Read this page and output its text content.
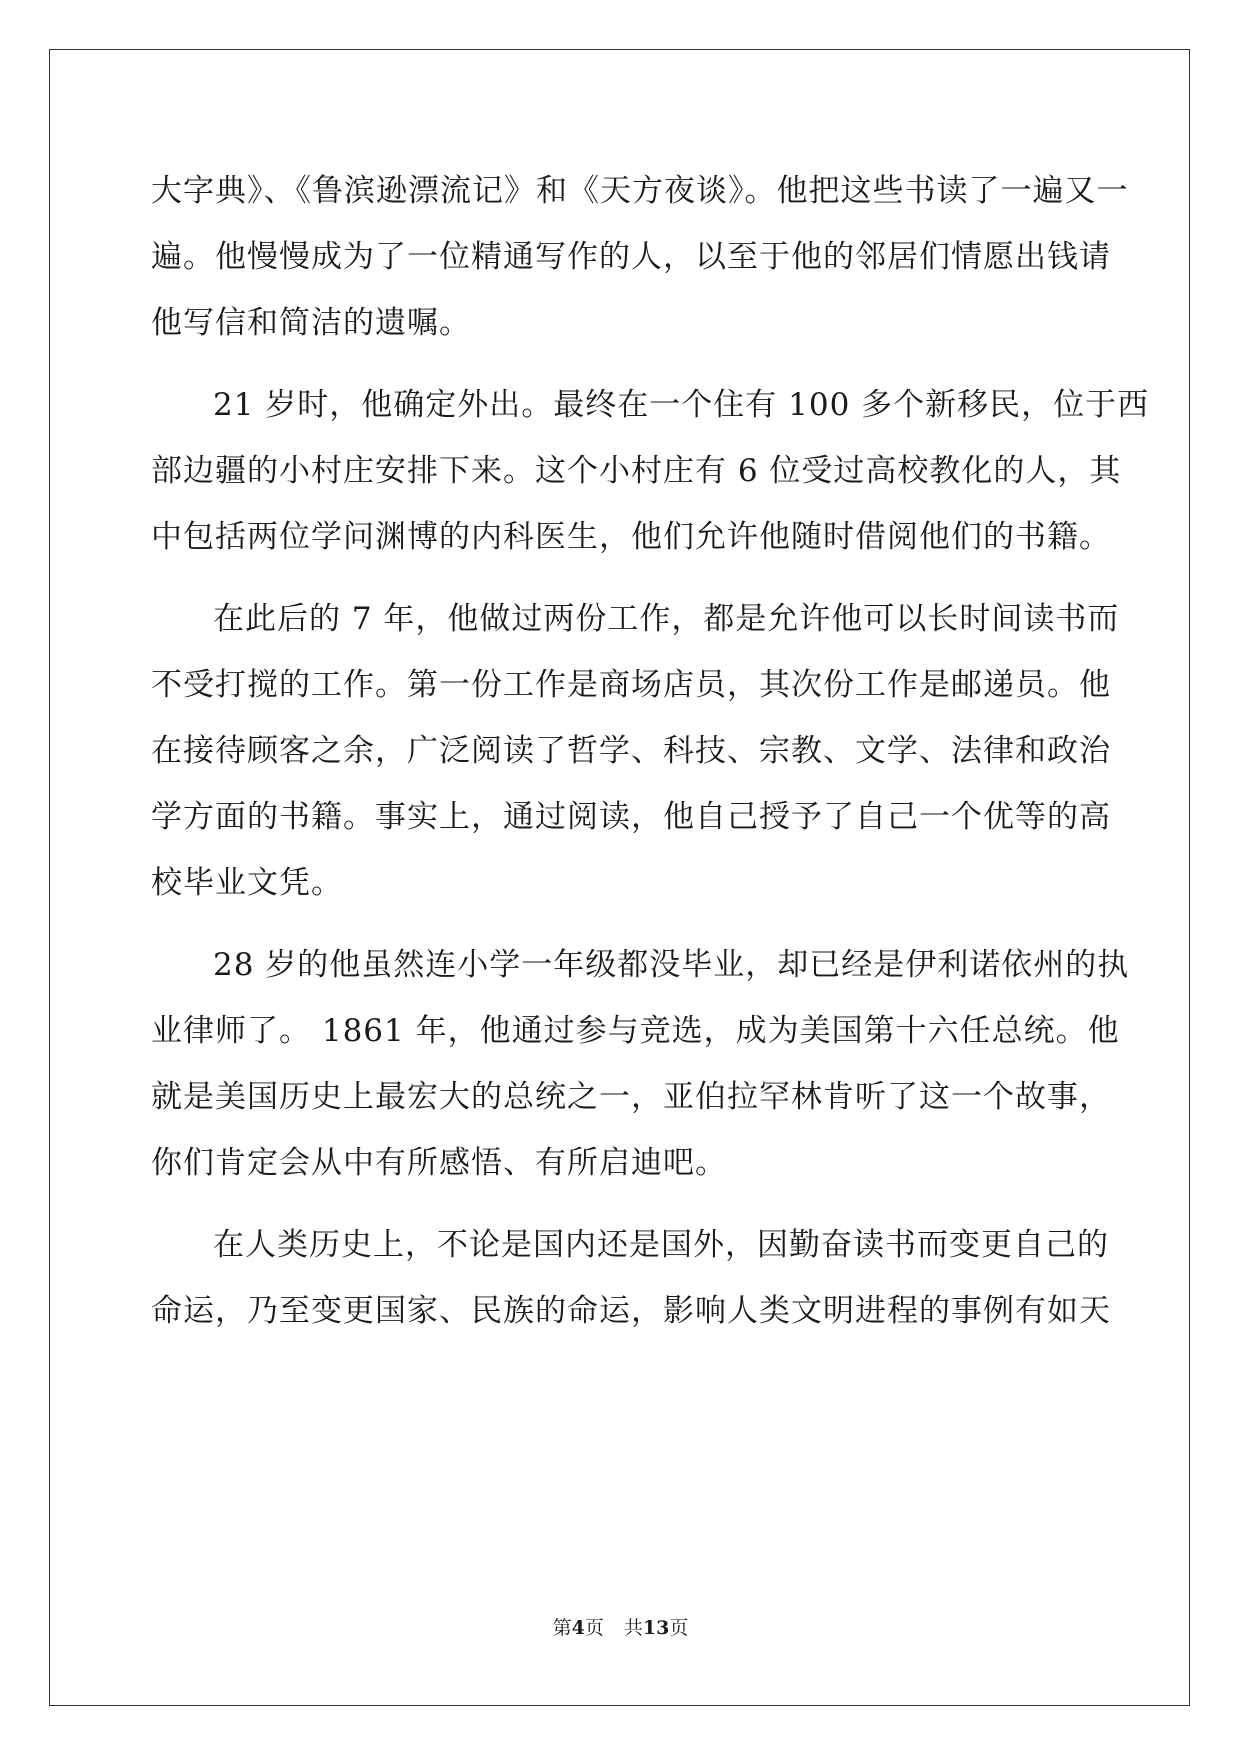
大字典》、《鲁滨逊漂流记》和《天方夜谈》。他把这些书读了一遍又一
遍。他慢慢成为了一位精通写作的人，以至于他的邻居们情愿出钱请
他写信和简洁的遗嘱。
21 岁时，他确定外出。最终在一个住有 100 多个新移民，位于西
部边疆的小村庄安排下来。这个小村庄有 6 位受过高校教化的人，其
中包括两位学问渊博的内科医生，他们允许他随时借阅他们的书籍。
在此后的 7 年，他做过两份工作，都是允许他可以长时间读书而
不受打搅的工作。第一份工作是商场店员，其次份工作是邮递员。他
在接待顾客之余，广泛阅读了哲学、科技、宗教、文学、法律和政治
学方面的书籍。事实上，通过阅读，他自己授予了自己一个优等的高
校毕业文凭。
28 岁的他虽然连小学一年级都没毕业，却已经是伊利诺依州的执
业律师了。 1861 年，他通过参与竞选，成为美国第十六任总统。他
就是美国历史上最宏大的总统之一，亚伯拉罕林肯听了这一个故事，
你们肯定会从中有所感悟、有所启迪吧。
在人类历史上，不论是国内还是国外，因勤奋读书而变更自己的
命运，乃至变更国家、民族的命运，影响人类文明进程的事例有如天
第4页 共13页
